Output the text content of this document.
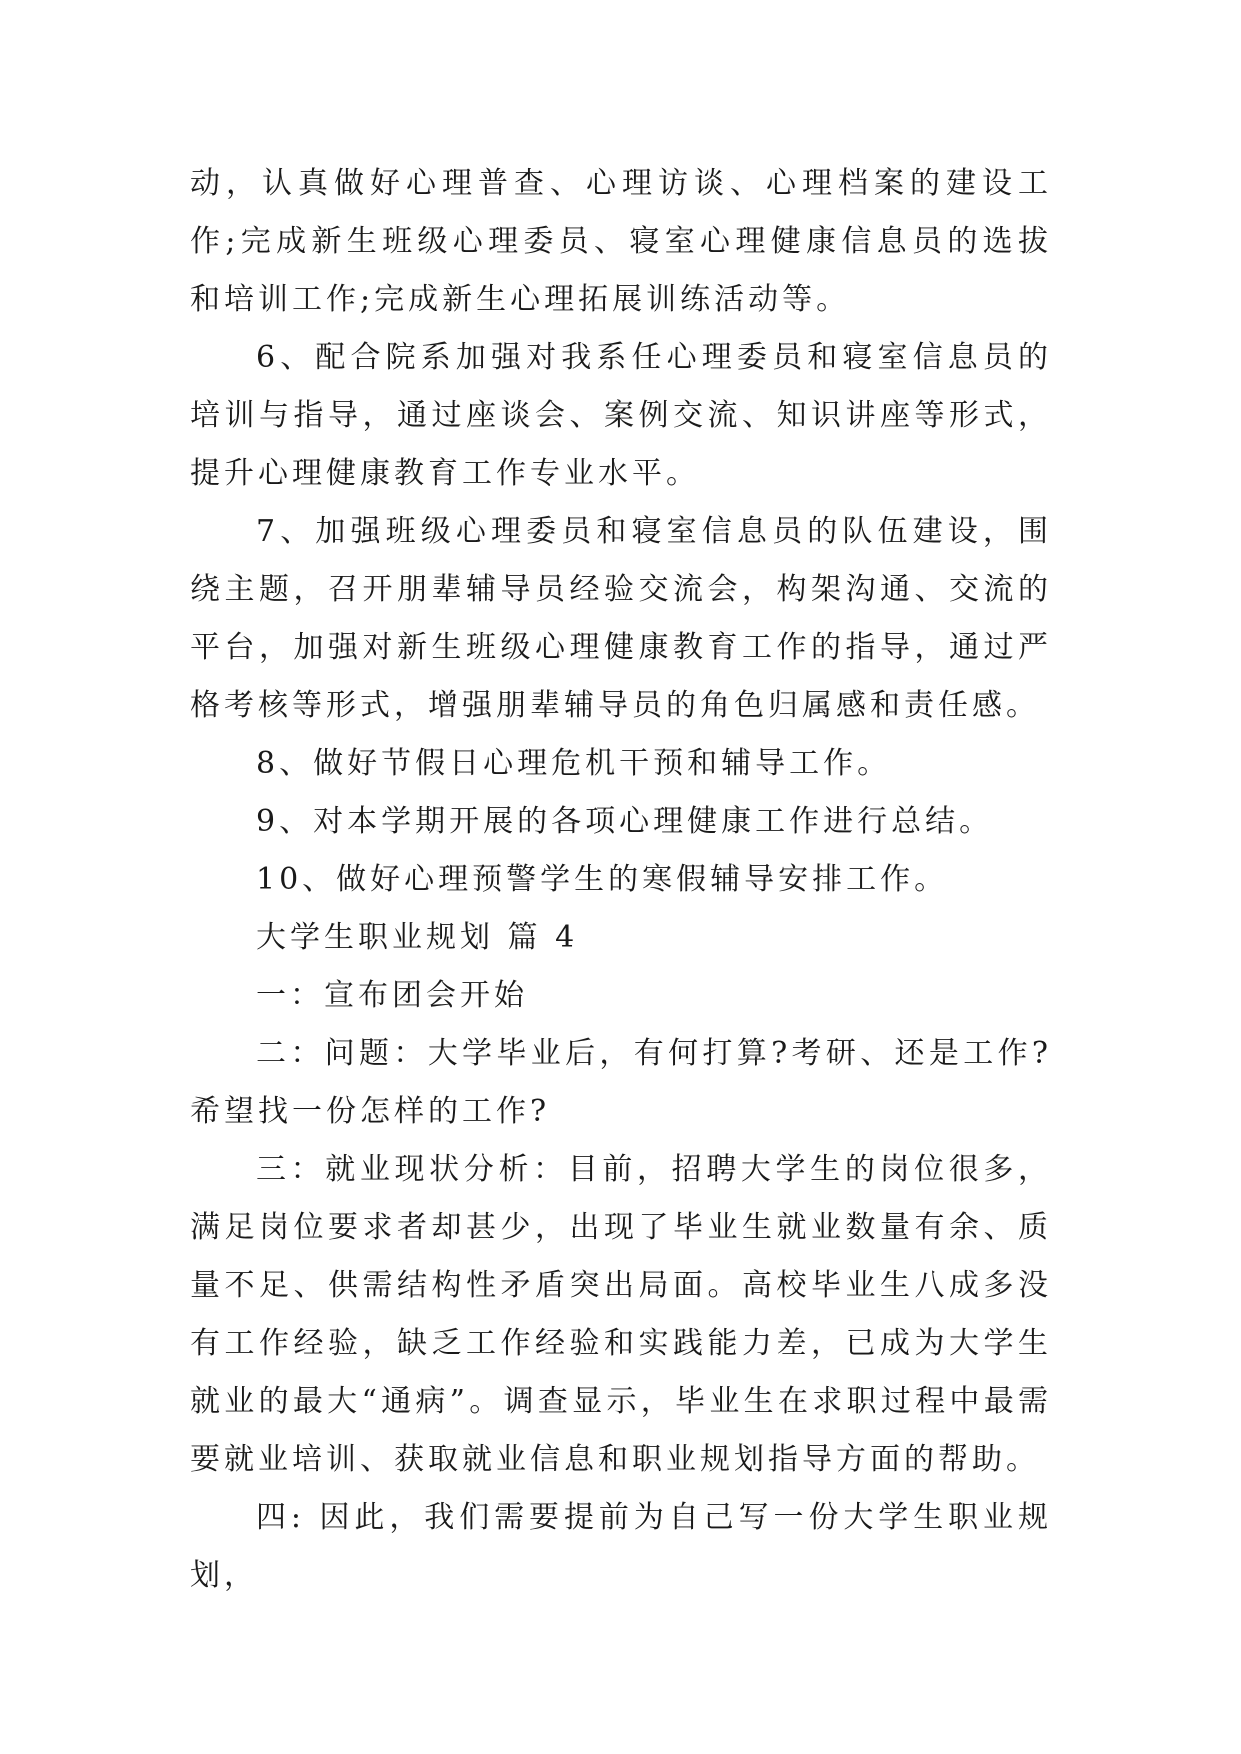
动，认真做好心理普查、心理访谈、心理档案的建设工作;完成新生班级心理委员、寝室心理健康信息员的选拔和培训工作;完成新生心理拓展训练活动等。

6、配合院系加强对我系任心理委员和寝室信息员的培训与指导，通过座谈会、案例交流、知识讲座等形式，提升心理健康教育工作专业水平。

7、加强班级心理委员和寝室信息员的队伍建设，围绕主题，召开朋辈辅导员经验交流会，构架沟通、交流的平台，加强对新生班级心理健康教育工作的指导，通过严格考核等形式，增强朋辈辅导员的角色归属感和责任感。

8、做好节假日心理危机干预和辅导工作。

9、对本学期开展的各项心理健康工作进行总结。

10、做好心理预警学生的寒假辅导安排工作。

大学生职业规划 篇 4

一：宣布团会开始

二：问题：大学毕业后，有何打算?考研、还是工作?希望找一份怎样的工作?

三：就业现状分析：目前，招聘大学生的岗位很多，满足岗位要求者却甚少，出现了毕业生就业数量有余、质量不足、供需结构性矛盾突出局面。高校毕业生八成多没有工作经验，缺乏工作经验和实践能力差，已成为大学生就业的最大“通病”。调查显示，毕业生在求职过程中最需要就业培训、获取就业信息和职业规划指导方面的帮助。

四: 因此，我们需要提前为自己写一份大学生职业规划，
